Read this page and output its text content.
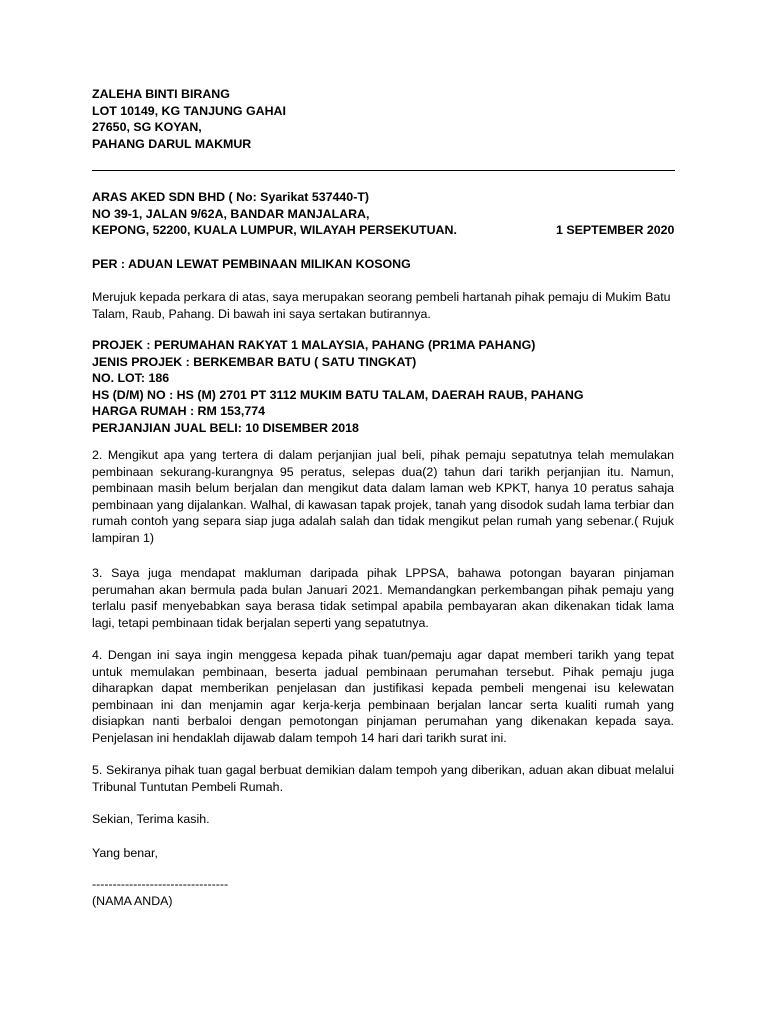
ZALEHA BINTI BIRANG
LOT 10149, KG TANJUNG GAHAI
27650, SG KOYAN,
PAHANG DARUL MAKMUR
ARAS AKED SDN BHD ( No: Syarikat 537440-T)
NO 39-1, JALAN 9/62A, BANDAR MANJALARA,
KEPONG, 52200, KUALA LUMPUR, WILAYAH PERSEKUTUAN.	1 SEPTEMBER 2020
PER : ADUAN LEWAT PEMBINAAN MILIKAN KOSONG

Merujuk kepada perkara di atas, saya merupakan seorang pembeli hartanah pihak pemaju di Mukim Batu Talam, Raub, Pahang. Di bawah ini saya sertakan butirannya.

PROJEK : PERUMAHAN RAKYAT 1 MALAYSIA, PAHANG (PR1MA PAHANG)
JENIS PROJEK : BERKEMBAR BATU ( SATU TINGKAT)
NO. LOT: 186
HS (D/M) NO : HS (M) 2701 PT 3112 MUKIM BATU TALAM, DAERAH RAUB, PAHANG
HARGA RUMAH : RM 153,774
PERJANJIAN JUAL BELI: 10 DISEMBER 2018

2. Mengikut apa yang tertera di dalam perjanjian jual beli, pihak pemaju sepatutnya telah memulakan pembinaan sekurang-kurangnya 95 peratus, selepas dua(2) tahun dari tarikh perjanjian itu. Namun, pembinaan masih belum berjalan dan mengikut data dalam laman web KPKT, hanya 10 peratus sahaja pembinaan yang dijalankan. Walhal, di kawasan tapak projek, tanah yang disodok sudah lama terbiar dan rumah contoh yang separa siap juga adalah salah dan tidak mengikut pelan rumah yang sebenar.( Rujuk lampiran 1)

3. Saya juga mendapat makluman daripada pihak LPPSA, bahawa potongan bayaran pinjaman perumahan akan bermula pada bulan Januari 2021. Memandangkan perkembangan pihak pemaju yang terlalu pasif menyebabkan saya berasa tidak setimpal apabila pembayaran akan dikenakan tidak lama lagi, tetapi pembinaan tidak berjalan seperti yang sepatutnya.

4. Dengan ini saya ingin menggesa kepada pihak tuan/pemaju agar dapat memberi tarikh yang tepat untuk memulakan pembinaan, beserta jadual pembinaan perumahan tersebut. Pihak pemaju juga diharapkan dapat memberikan penjelasan dan justifikasi kepada pembeli mengenai isu kelewatan pembinaan ini dan menjamin agar kerja-kerja pembinaan berjalan lancar serta kualiti rumah yang disiapkan nanti berbaloi dengan pemotongan pinjaman perumahan yang dikenakan kepada saya. Penjelasan ini hendaklah dijawab dalam tempoh 14 hari dari tarikh surat ini.

5. Sekiranya pihak tuan gagal berbuat demikian dalam tempoh yang diberikan, aduan akan dibuat melalui Tribunal Tuntutan Pembeli Rumah.

Sekian, Terima kasih.
Yang benar,
---------------------------------
(NAMA ANDA)
